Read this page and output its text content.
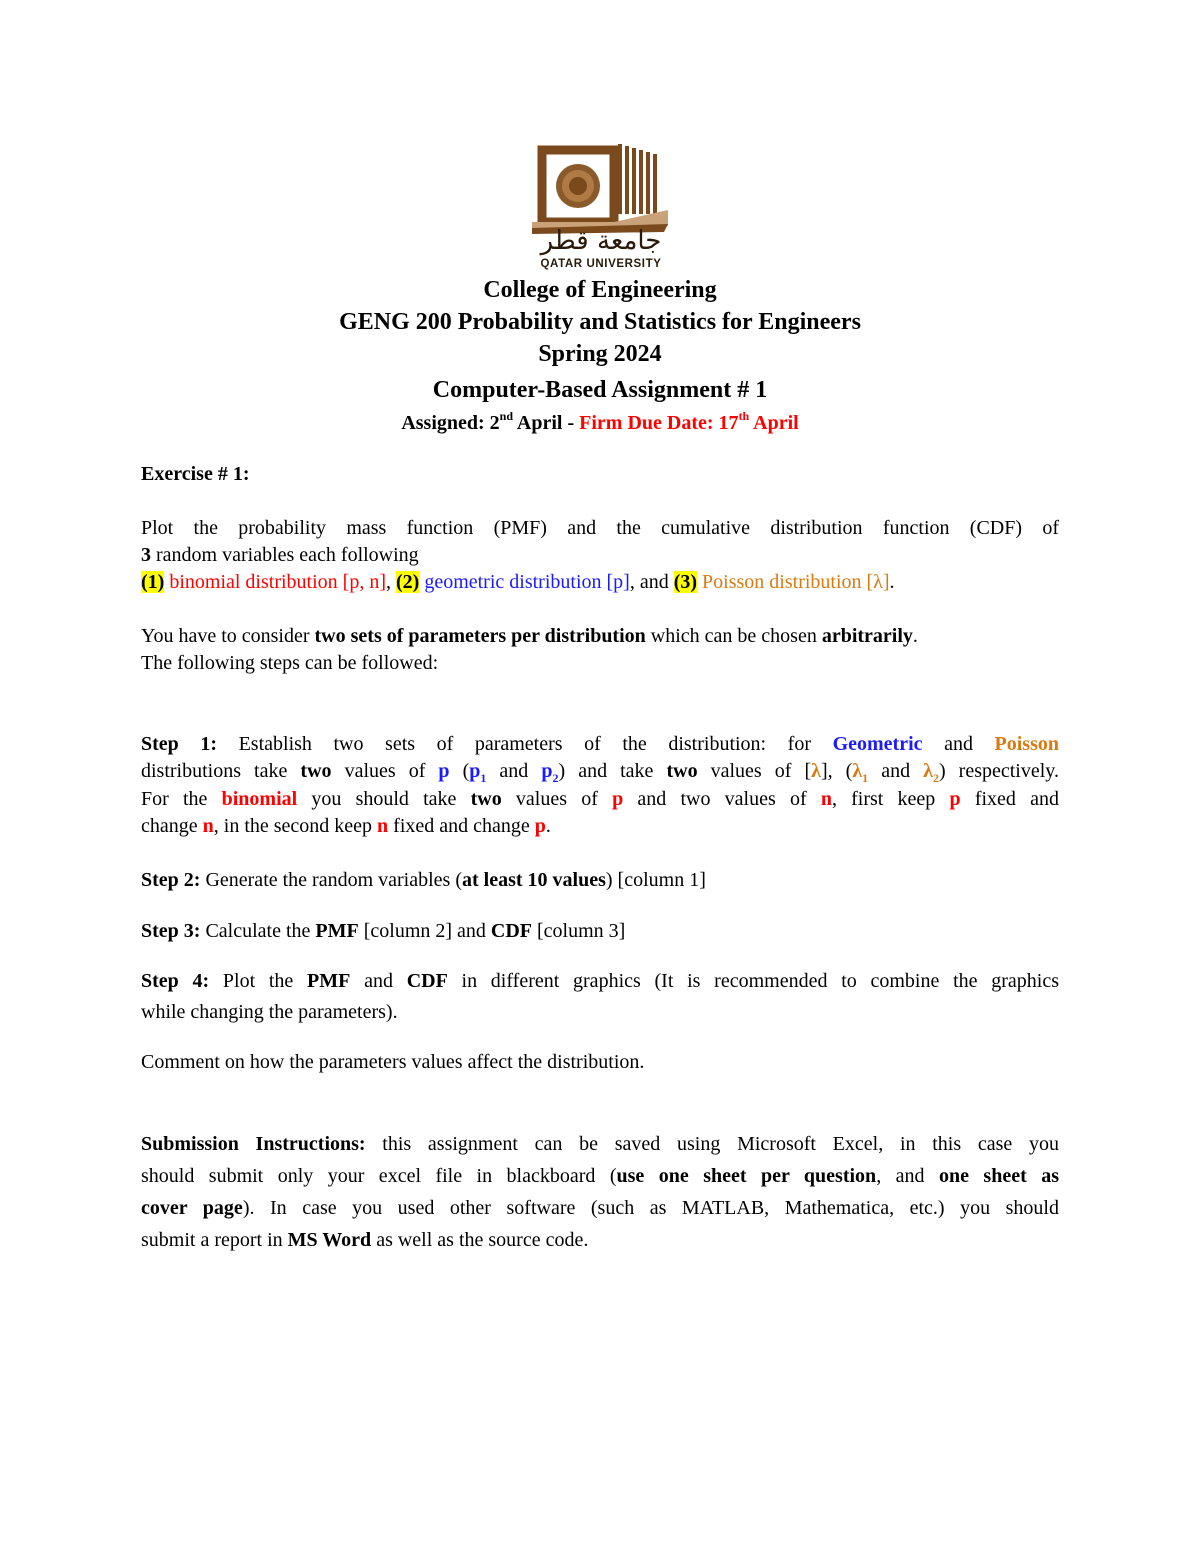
جامعة قطر
QATAR UNIVERSITY
College of Engineering
GENG 200 Probability and Statistics for Engineers
Spring 2024
Computer-Based Assignment # 1
Assigned: 2nd April - Firm Due Date: 17th April
Exercise # 1:
Plot the probability mass function (PMF) and the cumulative distribution function (CDF) of
3 random variables each following
(1) binomial distribution [p, n], (2) geometric distribution [p], and (3) Poisson distribution [λ].
You have to consider two sets of parameters per distribution which can be chosen arbitrarily.
The following steps can be followed:
Step 1: Establish two sets of parameters of the distribution: for Geometric and Poisson
distributions take two values of p ($p_1$ and $p_2$) and take two values of [λ], ($\lambda_1$ and $\lambda_2$) respectively.
For the binomial you should take two values of p and two values of n, first keep p fixed and
change n, in the second keep n fixed and change p.
Step 2: Generate the random variables (at least 10 values) [column 1]
Step 3: Calculate the PMF [column 2] and CDF [column 3]
Step 4: Plot the PMF and CDF in different graphics (It is recommended to combine the graphics
while changing the parameters).
Comment on how the parameters values affect the distribution.
Submission Instructions: this assignment can be saved using Microsoft Excel, in this case you
should submit only your excel file in blackboard (use one sheet per question, and one sheet as
cover page). In case you used other software (such as MATLAB, Mathematica, etc.) you should
submit a report in MS Word as well as the source code.
